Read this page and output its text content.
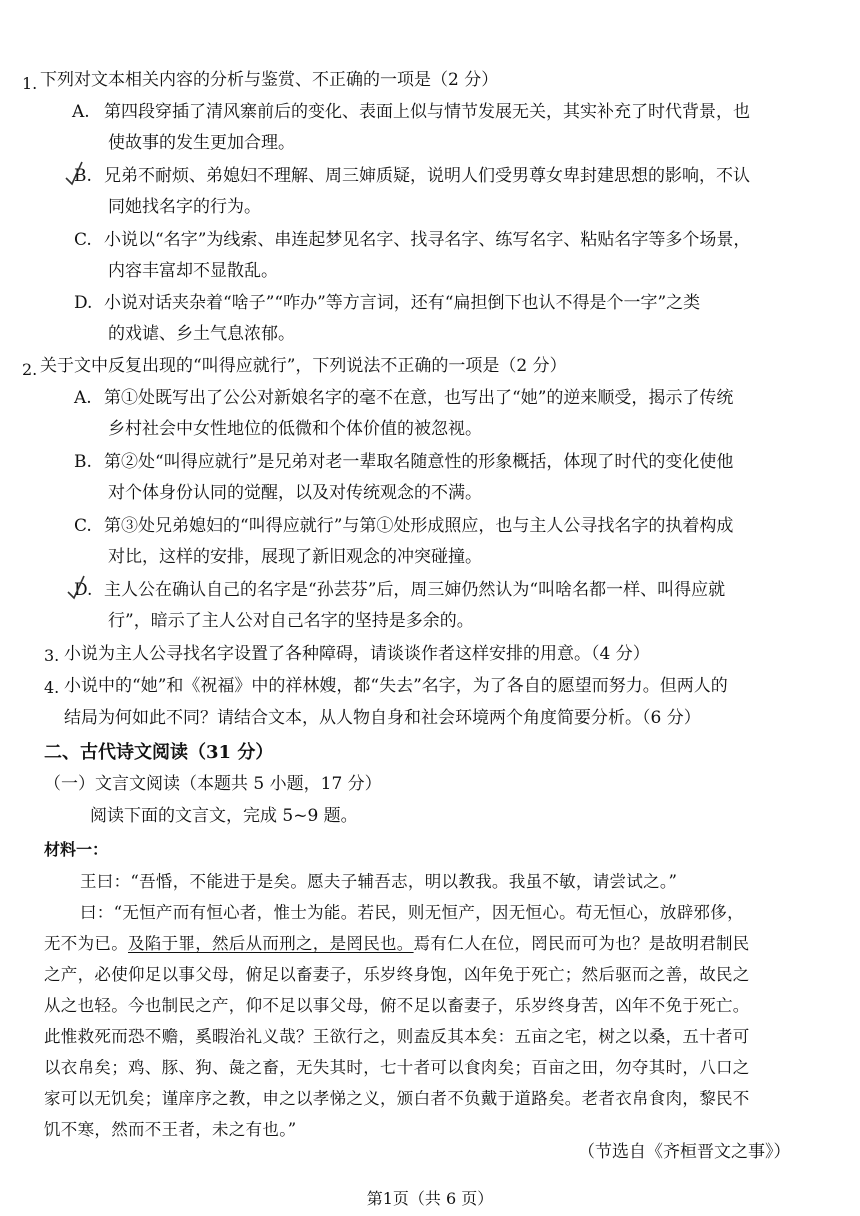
1. 下列对文本相关内容的分析与鉴赏、不正确的一项是（2 分）
A. 第四段穿插了清风寨前后的变化、表面上似与情节发展无关，其实补充了时代背景，也
使故事的发生更加合理。
B. 兄弟不耐烦、弟媳妇不理解、周三婶质疑，说明人们受男尊女卑封建思想的影响，不认
同她找名字的行为。
C. 小说以“名字”为线索、串连起梦见名字、找寻名字、练写名字、粘贴名字等多个场景，
内容丰富却不显散乱。
D. 小说对话夹杂着“啥子”“咋办”等方言词，还有“扁担倒下也认不得是个一字”之类
的戏谑、乡土气息浓郁。
2. 关于文中反复出现的“叫得应就行”，下列说法不正确的一项是（2 分）
A. 第①处既写出了公公对新娘名字的毫不在意，也写出了“她”的逆来顺受，揭示了传统
乡村社会中女性地位的低微和个体价值的被忽视。
B. 第②处“叫得应就行”是兄弟对老一辈取名随意性的形象概括，体现了时代的变化使他
对个体身份认同的觉醒，以及对传统观念的不满。
C. 第③处兄弟媳妇的“叫得应就行”与第①处形成照应，也与主人公寻找名字的执着构成
对比，这样的安排，展现了新旧观念的冲突碰撞。
D. 主人公在确认自己的名字是“孙芸芬”后，周三婶仍然认为“叫啥名都一样、叫得应就
行”，暗示了主人公对自己名字的坚持是多余的。
3. 小说为主人公寻找名字设置了各种障碍，请谈谈作者这样安排的用意。（4 分）
4. 小说中的“她”和《祝福》中的祥林嫂，都“失去”名字，为了各自的愿望而努力。但两人的
结局为何如此不同？请结合文本，从人物自身和社会环境两个角度简要分析。（6 分）
二、古代诗文阅读（31 分）
（一）文言文阅读（本题共 5 小题，17 分）
阅读下面的文言文，完成 5~9 题。
材料一：
王曰：“吾惛，不能进于是矣。愿夫子辅吾志，明以教我。我虽不敏，请尝试之。”
曰：“无恒产而有恒心者，惟士为能。若民，则无恒产，因无恒心。苟无恒心，放辟邪侈，
无不为已。及陷于罪，然后从而刑之，是罔民也。焉有仁人在位，罔民而可为也？是故明君制民
之产，必使仰足以事父母，俯足以畜妻子，乐岁终身饱，凶年免于死亡；然后驱而之善，故民之
从之也轻。今也制民之产，仰不足以事父母，俯不足以畜妻子，乐岁终身苦，凶年不免于死亡。
此惟救死而恐不赡，奚暇治礼义哉？王欲行之，则盍反其本矣：五亩之宅，树之以桑，五十者可
以衣帛矣；鸡、豚、狗、彘之畜，无失其时，七十者可以食肉矣；百亩之田，勿夺其时，八口之
家可以无饥矣；谨庠序之教，申之以孝悌之义，颁白者不负戴于道路矣。老者衣帛食肉，黎民不
饥不寒，然而不王者，未之有也。”
（节选自《齐桓晋文之事》）
第1页（共 6 页）
